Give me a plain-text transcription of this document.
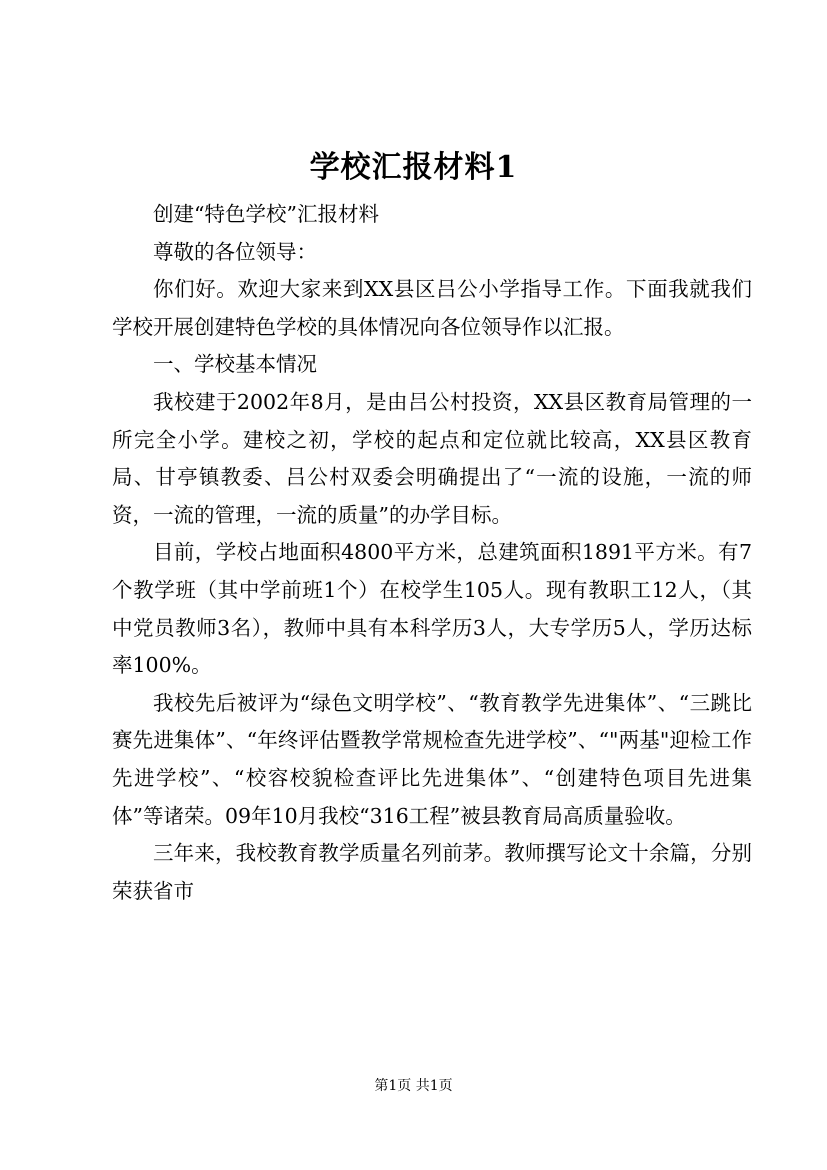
学校汇报材料1

创建“特色学校”汇报材料

尊敬的各位领导：

你们好。欢迎大家来到XX县区吕公小学指导工作。下面我就我们学校开展创建特色学校的具体情况向各位领导作以汇报。

一、学校基本情况

我校建于2002年8月，是由吕公村投资，XX县区教育局管理的一所完全小学。建校之初，学校的起点和定位就比较高，XX县区教育局、甘亭镇教委、吕公村双委会明确提出了“一流的设施，一流的师资，一流的管理，一流的质量”的办学目标。

目前，学校占地面积4800平方米，总建筑面积1891平方米。有7个教学班（其中学前班1个）在校学生105人。现有教职工12人，（其中党员教师3名），教师中具有本科学历3人，大专学历5人，学历达标率100%。

我校先后被评为“绿色文明学校”、“教育教学先进集体”、“三跳比赛先进集体”、“年终评估暨教学常规检查先进学校”、“"两基"迎检工作先进学校”、“校容校貌检查评比先进集体”、“创建特色项目先进集体”等诸荣。09年10月我校“316工程”被县教育局高质量验收。

三年来，我校教育教学质量名列前茅。教师撰写论文十余篇，分别荣获省市

第1页 共1页
